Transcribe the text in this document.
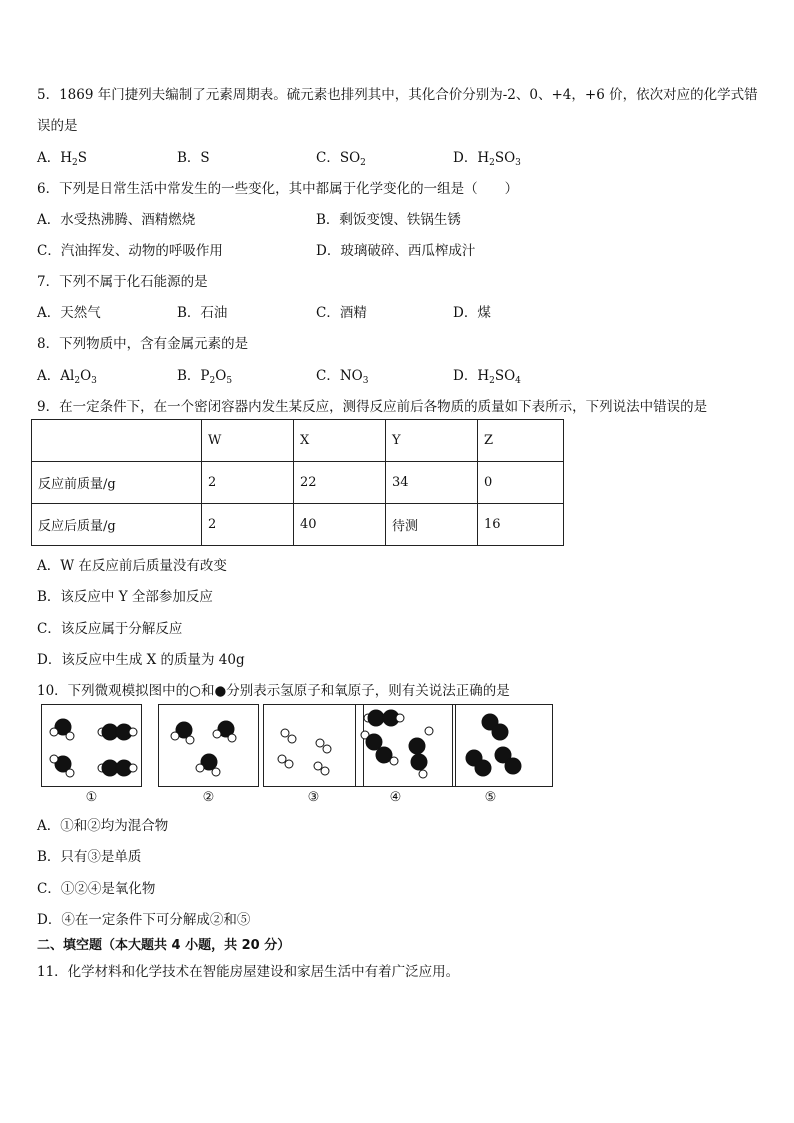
5．1869 年门捷列夫编制了元素周期表。硫元素也排列其中，其化合价分别为-2、0、+4，+6 价，依次对应的化学式错
误的是
A．$H_2S$	B．S	C．$SO_2$	D．$H_2SO_3$
6．下列是日常生活中常发生的一些变化，其中都属于化学变化的一组是（　　）
A．水受热沸腾、酒精燃烧	B．剩饭变馊、铁锅生锈
C．汽油挥发、动物的呼吸作用	D．玻璃破碎、西瓜榨成汁
7．下列不属于化石能源的是
A．天然气	B．石油	C．酒精	D．煤
8．下列物质中，含有金属元素的是
A．$Al_2O_3$	B．$P_2O_5$	C．$NO_3$	D．$H_2SO_4$
9．在一定条件下，在一个密闭容器内发生某反应，测得反应前后各物质的质量如下表所示，下列说法中错误的是
	W	X	Y	Z
反应前质量/g	2	22	34	0
反应后质量/g	2	40	待测	16
A．W 在反应前后质量没有改变
B．该反应中 Y 全部参加反应
C．该反应属于分解反应
D．该反应中生成 X 的质量为 40g
10．下列微观模拟图中的○和●分别表示氢原子和氧原子，则有关说法正确的是
①	②	③	④	⑤
A．①和②均为混合物
B．只有③是单质
C．①②④是氧化物
D．④在一定条件下可分解成②和⑤
二、填空题（本大题共 4 小题，共 20 分）
11．化学材料和化学技术在智能房屋建设和家居生活中有着广泛应用。
